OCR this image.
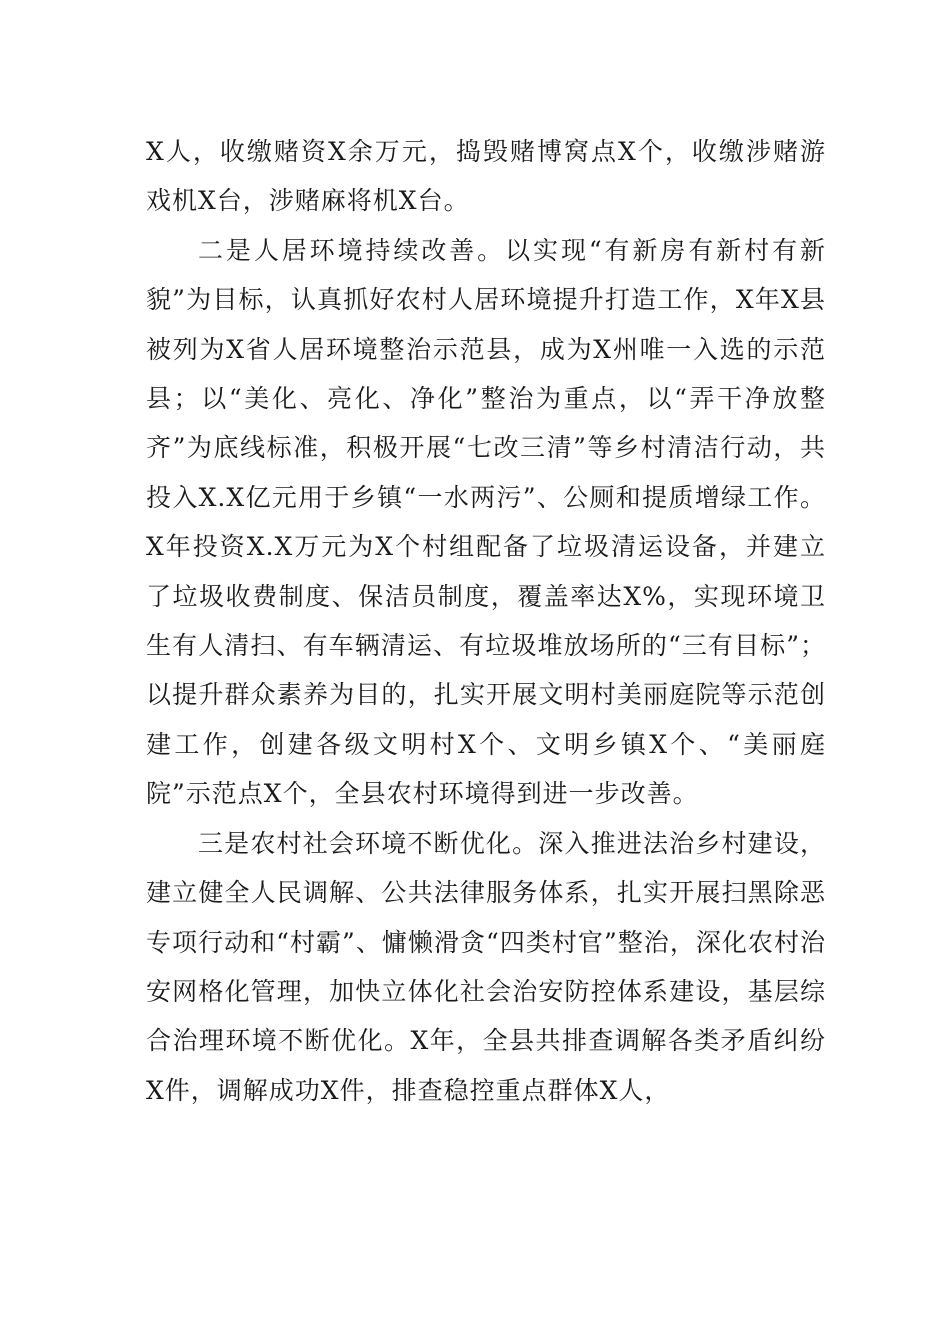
X人，收缴赌资X余万元，捣毁赌博窝点X个，收缴涉赌游戏机X台，涉赌麻将机X台。

二是人居环境持续改善。以实现“有新房有新村有新貌”为目标，认真抓好农村人居环境提升打造工作，X年X县被列为X省人居环境整治示范县，成为X州唯一入选的示范县；以“美化、亮化、净化”整治为重点，以“弄干净放整齐”为底线标准，积极开展“七改三清”等乡村清洁行动，共投入X.X亿元用于乡镇“一水两污”、公厕和提质增绿工作。X年投资X.X万元为X个村组配备了垃圾清运设备，并建立了垃圾收费制度、保洁员制度，覆盖率达X%，实现环境卫生有人清扫、有车辆清运、有垃圾堆放场所的“三有目标”；以提升群众素养为目的，扎实开展文明村美丽庭院等示范创建工作，创建各级文明村X个、文明乡镇X个、“美丽庭院”示范点X个，全县农村环境得到进一步改善。

三是农村社会环境不断优化。深入推进法治乡村建设，建立健全人民调解、公共法律服务体系，扎实开展扫黑除恶专项行动和“村霸”、慵懒滑贪“四类村官”整治，深化农村治安网格化管理，加快立体化社会治安防控体系建设，基层综合治理环境不断优化。X年，全县共排查调解各类矛盾纠纷X件，调解成功X件，排查稳控重点群体X人，
